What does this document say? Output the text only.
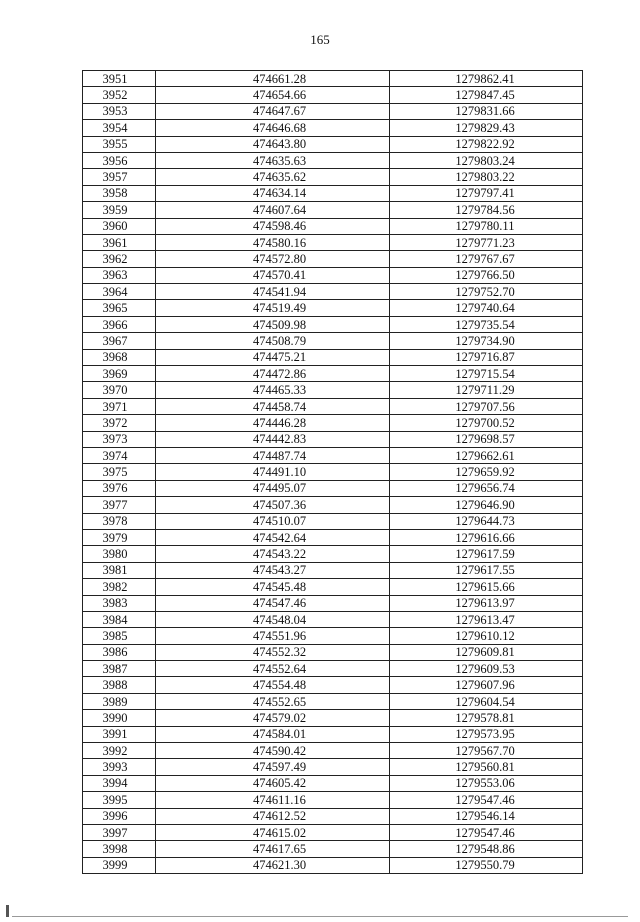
165
3951	474661.28	1279862.41
3952	474654.66	1279847.45
3953	474647.67	1279831.66
3954	474646.68	1279829.43
3955	474643.80	1279822.92
3956	474635.63	1279803.24
3957	474635.62	1279803.22
3958	474634.14	1279797.41
3959	474607.64	1279784.56
3960	474598.46	1279780.11
3961	474580.16	1279771.23
3962	474572.80	1279767.67
3963	474570.41	1279766.50
3964	474541.94	1279752.70
3965	474519.49	1279740.64
3966	474509.98	1279735.54
3967	474508.79	1279734.90
3968	474475.21	1279716.87
3969	474472.86	1279715.54
3970	474465.33	1279711.29
3971	474458.74	1279707.56
3972	474446.28	1279700.52
3973	474442.83	1279698.57
3974	474487.74	1279662.61
3975	474491.10	1279659.92
3976	474495.07	1279656.74
3977	474507.36	1279646.90
3978	474510.07	1279644.73
3979	474542.64	1279616.66
3980	474543.22	1279617.59
3981	474543.27	1279617.55
3982	474545.48	1279615.66
3983	474547.46	1279613.97
3984	474548.04	1279613.47
3985	474551.96	1279610.12
3986	474552.32	1279609.81
3987	474552.64	1279609.53
3988	474554.48	1279607.96
3989	474552.65	1279604.54
3990	474579.02	1279578.81
3991	474584.01	1279573.95
3992	474590.42	1279567.70
3993	474597.49	1279560.81
3994	474605.42	1279553.06
3995	474611.16	1279547.46
3996	474612.52	1279546.14
3997	474615.02	1279547.46
3998	474617.65	1279548.86
3999	474621.30	1279550.79
